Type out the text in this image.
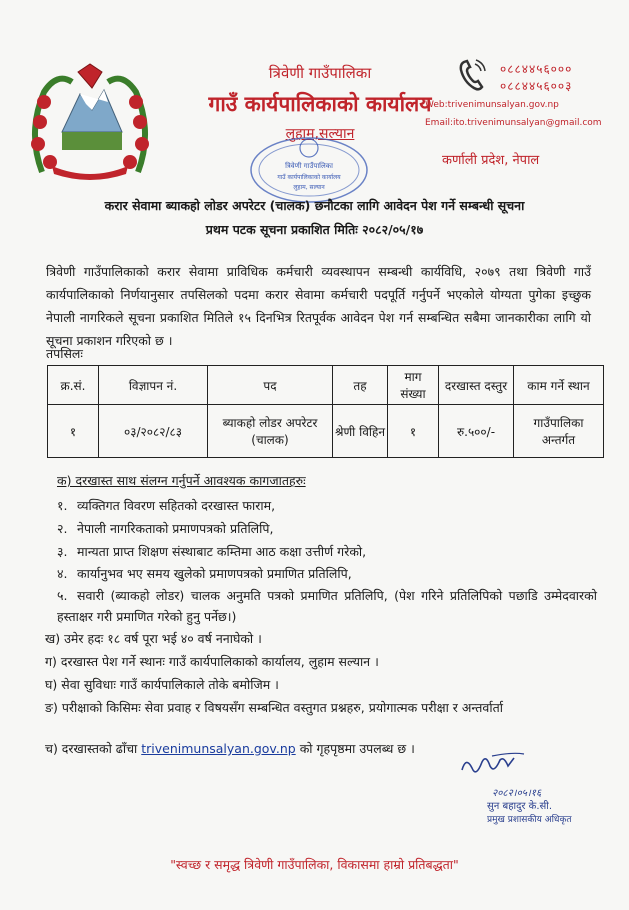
त्रिवेणी गाउँपालिका
गाउँ कार्यपालिकाको कार्यालय
लुहाम,सल्यान
०८८४४५६०००
०८८४४५६००३
Web:trivenimunsalyan.gov.np
Email:ito.trivenimunsalyan@gmail.com
कर्णाली प्रदेश, नेपाल
त्रिवेणी गाउँपालिका
गाउँ कार्यपालिकाको कार्यालय
लुहाम, सल्यान
करार सेवामा ब्याकहो लोडर अपरेटर (चालक) छनौटका लागि आवेदन पेश गर्ने सम्बन्धी सूचना
प्रथम पटक सूचना प्रकाशित मितिः २०८२/०५/१७
त्रिवेणी गाउँपालिकाको करार सेवामा प्राविधिक कर्मचारी व्यवस्थापन सम्बन्धी कार्यविधि, २०७९ तथा त्रिवेणी गाउँ कार्यपालिकाको निर्णयानुसार तपसिलको पदमा करार सेवामा कर्मचारी पदपूर्ति गर्नुपर्ने भएकोले योग्यता पुगेका इच्छुक नेपाली नागरिकले सूचना प्रकाशित मितिले १५ दिनभित्र रितपूर्वक आवेदन पेश गर्न सम्बन्धित सबैमा जानकारीका लागि यो सूचना प्रकाशन गरिएको छ ।
तपसिलः
क्र.सं.	विज्ञापन नं.	पद	तह	माग संख्या	दरखास्त दस्तुर	काम गर्ने स्थान
१	०३/२०८२/८३	ब्याकहो लोडर अपरेटर (चालक)	श्रेणी विहिन	१	रु.५००/-	गाउँपालिका अन्तर्गत
क) दरखास्त साथ संलग्न गर्नुपर्ने आवश्यक कागजातहरुः
१. व्यक्तिगत विवरण सहितको दरखास्त फाराम,
२. नेपाली नागरिकताको प्रमाणपत्रको प्रतिलिपि,
३. मान्यता प्राप्त शिक्षण संस्थाबाट कम्तिमा आठ कक्षा उत्तीर्ण गरेको,
४. कार्यानुभव भए समय खुलेको प्रमाणपत्रको प्रमाणित प्रतिलिपि,
५. सवारी (ब्याकहो लोडर) चालक अनुमति पत्रको प्रमाणित प्रतिलिपि, (पेश गरिने प्रतिलिपिको पछाडि उम्मेदवारको हस्ताक्षर गरी प्रमाणित गरेको हुनु पर्नेछ।)
ख) उमेर हदः १८ वर्ष पूरा भई ४० वर्ष ननाघेको ।
ग) दरखास्त पेश गर्ने स्थानः गाउँ कार्यपालिकाको कार्यालय, लुहाम सल्यान ।
घ) सेवा सुविधाः गाउँ कार्यपालिकाले तोके बमोजिम ।
ङ) परीक्षाको किसिमः सेवा प्रवाह र विषयसँग सम्बन्धित वस्तुगत प्रश्नहरु, प्रयोगात्मक परीक्षा र अन्तर्वार्ता
च) दरखास्तको ढाँचा trivenimunsalyan.gov.np को गृहपृष्ठमा उपलब्ध छ ।
२०८२।०५।१६
सुन बहादुर के.सी.
प्रमुख प्रशासकीय अधिकृत
"स्वच्छ र समृद्ध त्रिवेणी गाउँपालिका, विकासमा हाम्रो प्रतिबद्धता"
